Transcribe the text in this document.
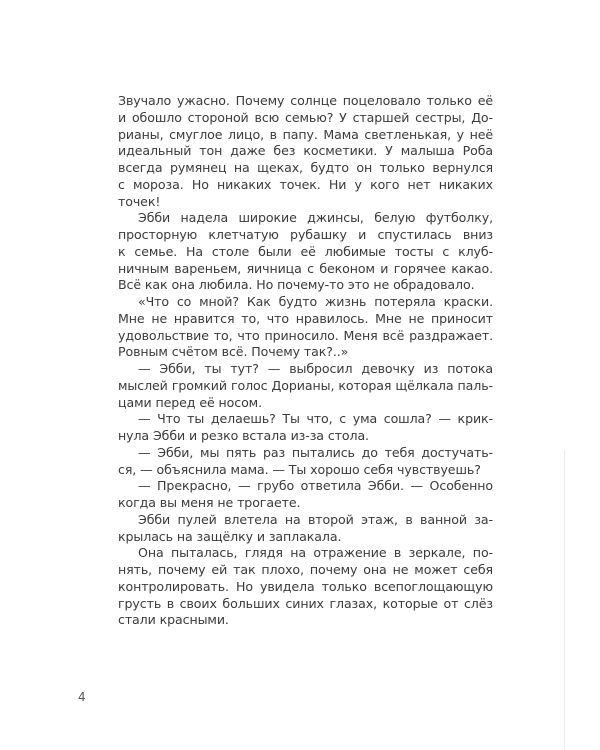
Звучало ужасно. Почему солнце поцеловало только её
и обошло стороной всю семью? У старшей сестры, До-
рианы, смуглое лицо, в папу. Мама светленькая, у неё
идеальный тон даже без косметики. У малыша Роба
всегда румянец на щеках, будто он только вернулся
с мороза. Но никаких точек. Ни у кого нет никаких
точек!
Эбби надела широкие джинсы, белую футболку,
просторную клетчатую рубашку и спустилась вниз
к семье. На столе были её любимые тосты с клуб-
ничным вареньем, яичница с беконом и горячее какао.
Всё как она любила. Но почему-то это не обрадовало.
«Что со мной? Как будто жизнь потеряла краски.
Мне не нравится то, что нравилось. Мне не приносит
удовольствие то, что приносило. Меня всё раздражает.
Ровным счётом всё. Почему так?..»
— Эбби, ты тут? — выбросил девочку из потока
мыслей громкий голос Дорианы, которая щёлкала паль-
цами перед её носом.
— Что ты делаешь? Ты что, с ума сошла? — крик-
нула Эбби и резко встала из-за стола.
— Эбби, мы пять раз пытались до тебя достучать-
ся, — объяснила мама. — Ты хорошо себя чувствуешь?
— Прекрасно, — грубо ответила Эбби. — Особенно
когда вы меня не трогаете.
Эбби пулей влетела на второй этаж, в ванной за-
крылась на защёлку и заплакала.
Она пыталась, глядя на отражение в зеркале, по-
нять, почему ей так плохо, почему она не может себя
контролировать. Но увидела только всепоглощающую
грусть в своих больших синих глазах, которые от слёз
стали красными.
4
